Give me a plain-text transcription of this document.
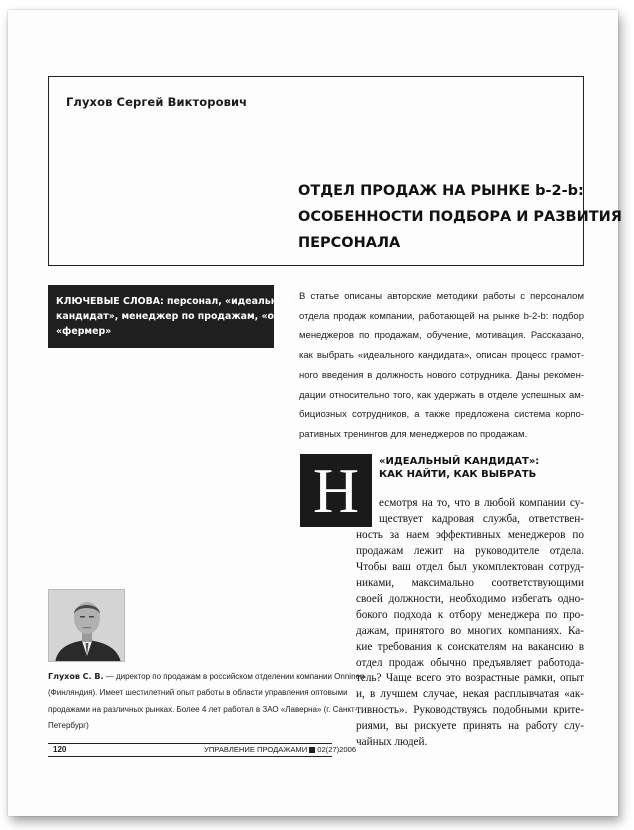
Глухов Сергей Викторович
ОТДЕЛ ПРОДАЖ НА РЫНКЕ b-2-b:
ОСОБЕННОСТИ ПОДБОРА И РАЗВИТИЯ
ПЕРСОНАЛА
КЛЮЧЕВЫЕ СЛОВА: персонал, «идеальный
кандидат», менеджер по продажам, «охотник»,
«фермер»
В статье описаны авторские методики работы с персоналом
отдела продаж компании, работающей на рынке b-2-b: подбор
менеджеров по продажам, обучение, мотивация. Рассказано,
как выбрать «идеального кандидата», описан процесс грамот-
ного введения в должность нового сотрудника. Даны рекомен-
дации относительно того, как удержать в отделе успешных ам-
бициозных сотрудников, а также предложена система корпо-
ративных тренингов для менеджеров по продажам.
Н	«ИДЕАЛЬНЫЙ КАНДИДАТ»:
КАК НАЙТИ, КАК ВЫБРАТЬ
есмотря на то, что в любой компании су-
ществует кадровая служба, ответствен-
ность за наем эффективных менеджеров по
продажам лежит на руководителе отдела.
Чтобы ваш отдел был укомплектован сотруд-
никами, максимально соответствующими
своей должности, необходимо избегать одно-
бокого подхода к отбору менеджера по про-
дажам, принятого во многих компаниях. Ка-
кие требования к соискателям на вакансию в
отдел продаж обычно предъявляет работода-
тель? Чаще всего это возрастные рамки, опыт
и, в лучшем случае, некая расплывчатая «ак-
тивность». Руководствуясь подобными крите-
риями, вы рискуете принять на работу слу-
чайных людей.
Глухов С. В. — директор по продажам в российском отделении компании Onninen
(Финляндия). Имеет шестилетний опыт работы в области управления оптовыми
продажами на различных рынках. Более 4 лет работал в ЗАО «Лаверна» (г. Санкт-
Петербург)
120	УПРАВЛЕНИЕ ПРОДАЖАМИ 02(27)2006
